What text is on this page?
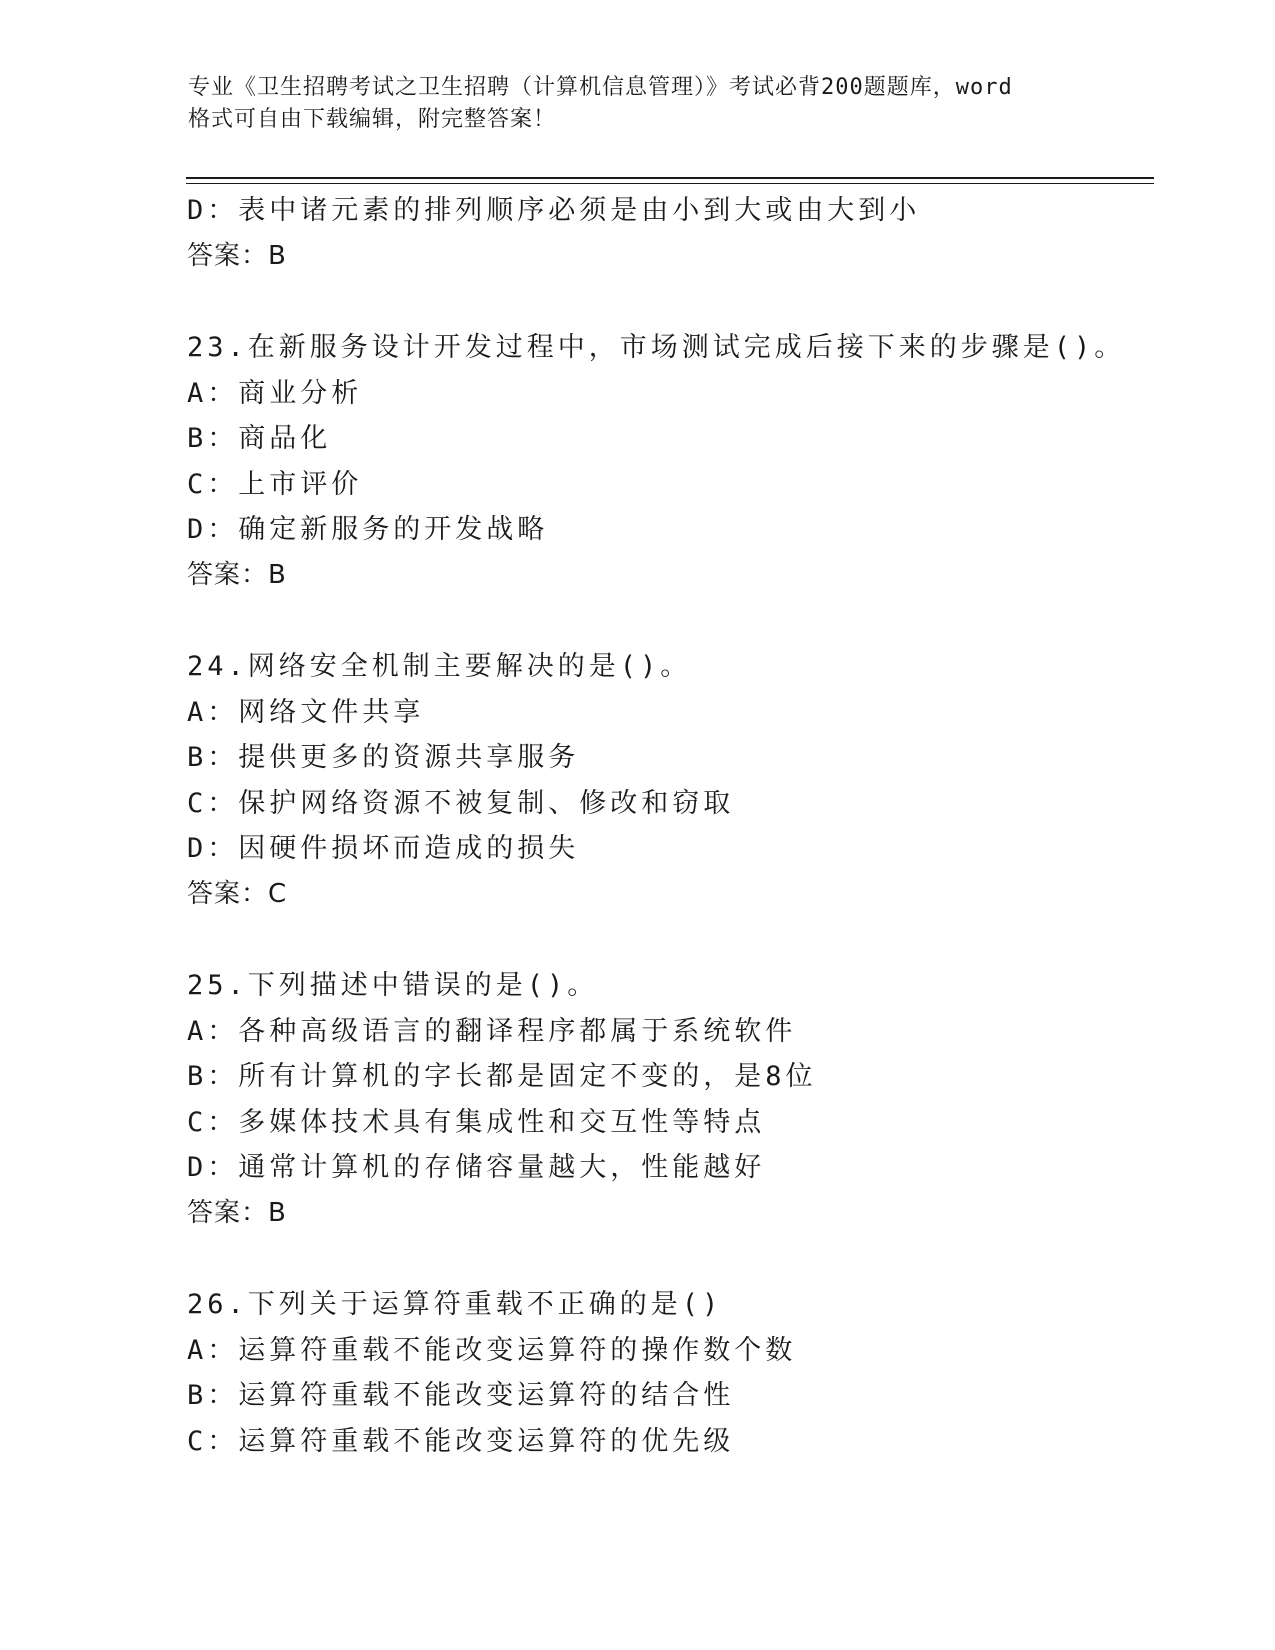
专业《卫生招聘考试之卫生招聘（计算机信息管理）》考试必背200题题库，word
格式可自由下载编辑，附完整答案！

D：表中诸元素的排列顺序必须是由小到大或由大到小

答案：B

23.在新服务设计开发过程中，市场测试完成后接下来的步骤是()。

A：商业分析

B：商品化

C：上市评价

D：确定新服务的开发战略

答案：B

24.网络安全机制主要解决的是()。

A：网络文件共享

B：提供更多的资源共享服务

C：保护网络资源不被复制、修改和窃取

D：因硬件损坏而造成的损失

答案：C

25.下列描述中错误的是()。

A：各种高级语言的翻译程序都属于系统软件

B：所有计算机的字长都是固定不变的，是8位

C：多媒体技术具有集成性和交互性等特点

D：通常计算机的存储容量越大，性能越好

答案：B

26.下列关于运算符重载不正确的是()

A：运算符重载不能改变运算符的操作数个数

B：运算符重载不能改变运算符的结合性

C：运算符重载不能改变运算符的优先级
